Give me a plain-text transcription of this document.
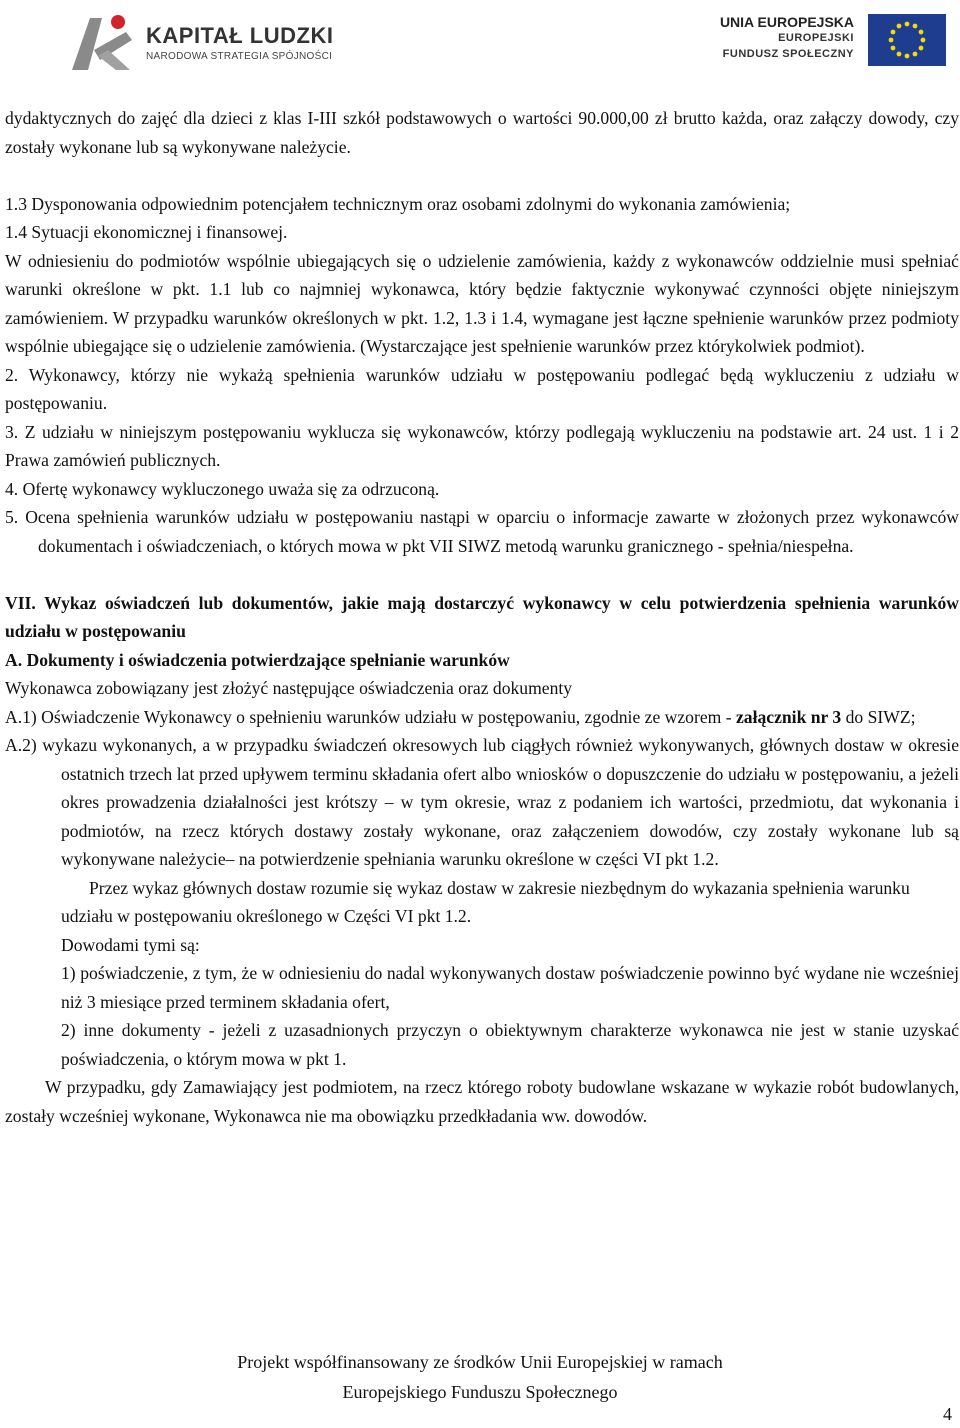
KAPITAŁ LUDZKI
NARODOWA STRATEGIA SPÓJNOŚCI
UNIA EUROPEJSKA
EUROPEJSKI
FUNDUSZ SPOŁECZNY

dydaktycznych do zajęć dla dzieci z klas I-III szkół podstawowych o wartości 90.000,00 zł brutto każda, oraz załączy dowody, czy zostały wykonane lub są wykonywane należycie.

1.3 Dysponowania odpowiednim potencjałem technicznym oraz osobami zdolnymi do wykonania zamówienia;

1.4 Sytuacji ekonomicznej i finansowej.

W odniesieniu do podmiotów wspólnie ubiegających się o udzielenie zamówienia, każdy z wykonawców oddzielnie musi spełniać warunki określone w pkt. 1.1 lub co najmniej wykonawca, który będzie faktycznie wykonywać czynności objęte niniejszym zamówieniem. W przypadku warunków określonych w pkt. 1.2, 1.3 i 1.4, wymagane jest łączne spełnienie warunków przez podmioty wspólnie ubiegające się o udzielenie zamówienia. (Wystarczające jest spełnienie warunków przez którykolwiek podmiot).

2. Wykonawcy, którzy nie wykażą spełnienia warunków udziału w postępowaniu podlegać będą wykluczeniu z udziału w postępowaniu.

3. Z udziału w niniejszym postępowaniu wyklucza się wykonawców, którzy podlegają wykluczeniu na podstawie art. 24 ust. 1 i 2 Prawa zamówień publicznych.

4. Ofertę wykonawcy wykluczonego uważa się za odrzuconą.

5. Ocena spełnienia warunków udziału w postępowaniu nastąpi w oparciu o informacje zawarte w złożonych przez wykonawców dokumentach i oświadczeniach, o których mowa w pkt VII SIWZ metodą warunku granicznego - spełnia/niespełna.

VII. Wykaz oświadczeń lub dokumentów, jakie mają dostarczyć wykonawcy w celu potwierdzenia spełnienia warunków udziału w postępowaniu

A. Dokumenty i oświadczenia potwierdzające spełnianie warunków

Wykonawca zobowiązany jest złożyć następujące oświadczenia oraz dokumenty

A.1) Oświadczenie Wykonawcy o spełnieniu warunków udziału w postępowaniu, zgodnie ze wzorem - załącznik nr 3 do SIWZ;

A.2) wykazu wykonanych, a w przypadku świadczeń okresowych lub ciągłych również wykonywanych, głównych dostaw w okresie ostatnich trzech lat przed upływem terminu składania ofert albo wniosków o dopuszczenie do udziału w postępowaniu, a jeżeli okres prowadzenia działalności jest krótszy – w tym okresie, wraz z podaniem ich wartości, przedmiotu, dat wykonania i podmiotów, na rzecz których dostawy zostały wykonane, oraz załączeniem dowodów, czy zostały wykonane lub są wykonywane należycie– na potwierdzenie spełniania warunku określone w części VI pkt 1.2.

Przez wykaz głównych dostaw rozumie się wykaz dostaw w zakresie niezbędnym do wykazania spełnienia warunku udziału w postępowaniu określonego w Części VI pkt 1.2.

Dowodami tymi są:

1) poświadczenie, z tym, że w odniesieniu do nadal wykonywanych dostaw poświadczenie powinno być wydane nie wcześniej niż 3 miesiące przed terminem składania ofert,

2) inne dokumenty - jeżeli z uzasadnionych przyczyn o obiektywnym charakterze wykonawca nie jest w stanie uzyskać poświadczenia, o którym mowa w pkt 1.

W przypadku, gdy Zamawiający jest podmiotem, na rzecz którego roboty budowlane wskazane w wykazie robót budowlanych, zostały wcześniej wykonane, Wykonawca nie ma obowiązku przedkładania ww. dowodów.

Projekt współfinansowany ze środków Unii Europejskiej w ramach
Europejskiego Funduszu Społecznego
4
